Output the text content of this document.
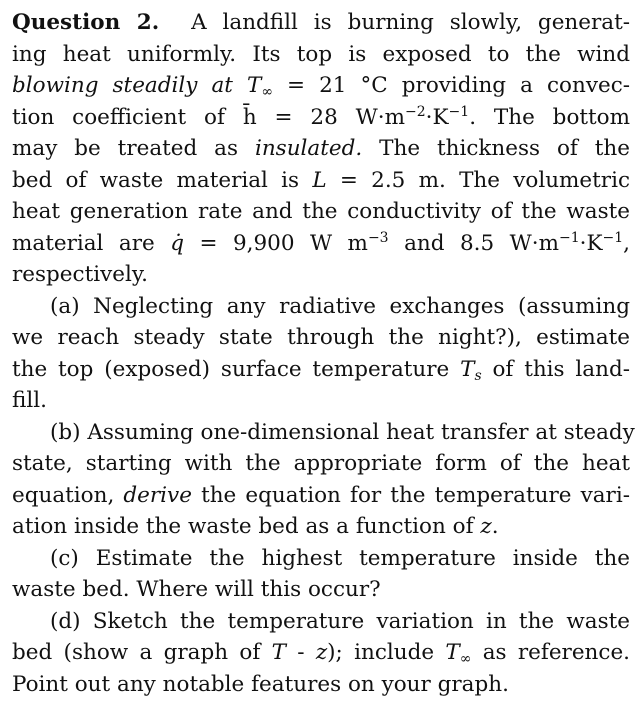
Question 2. A landfill is burning slowly, generat-
ing heat uniformly. Its top is exposed to the wind
blowing steadily at $T_\infty = 21$ °C providing a convec-
tion coefficient of h̄ = 28 $W\cdot m^{-2}\cdot K^{-1}$. The bottom
may be treated as insulated. The thickness of the
bed of waste material is L = 2.5 m. The volumetric
heat generation rate and the conductivity of the waste
material are q̇ = 9,900 W $m^{-3}$ and 8.5 $W\cdot m^{-1}\cdot K^{-1}$,
respectively.
(a) Neglecting any radiative exchanges (assuming
we reach steady state through the night?), estimate
the top (exposed) surface temperature $T_s$ of this land-
fill.
(b) Assuming one-dimensional heat transfer at steady
state, starting with the appropriate form of the heat
equation, derive the equation for the temperature vari-
ation inside the waste bed as a function of z.
(c) Estimate the highest temperature inside the
waste bed. Where will this occur?
(d) Sketch the temperature variation in the waste
bed (show a graph of T - z); include $T_\infty$ as reference.
Point out any notable features on your graph.
